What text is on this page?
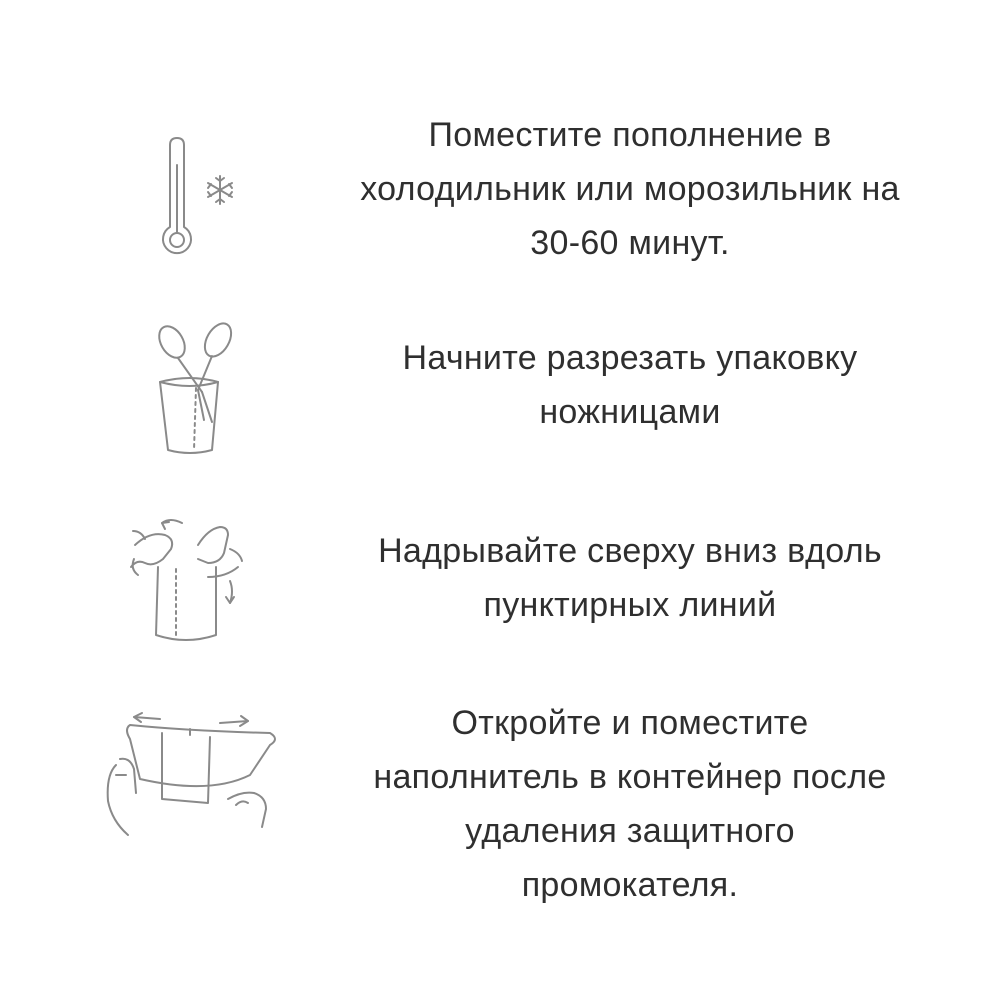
Поместите пополнение в
холодильник или морозильник на
30-60 минут.
Начните разрезать упаковку
ножницами
Надрывайте сверху вниз вдоль
пунктирных линий
Откройте и поместите
наполнитель в контейнер после
удаления защитного
промокателя.
